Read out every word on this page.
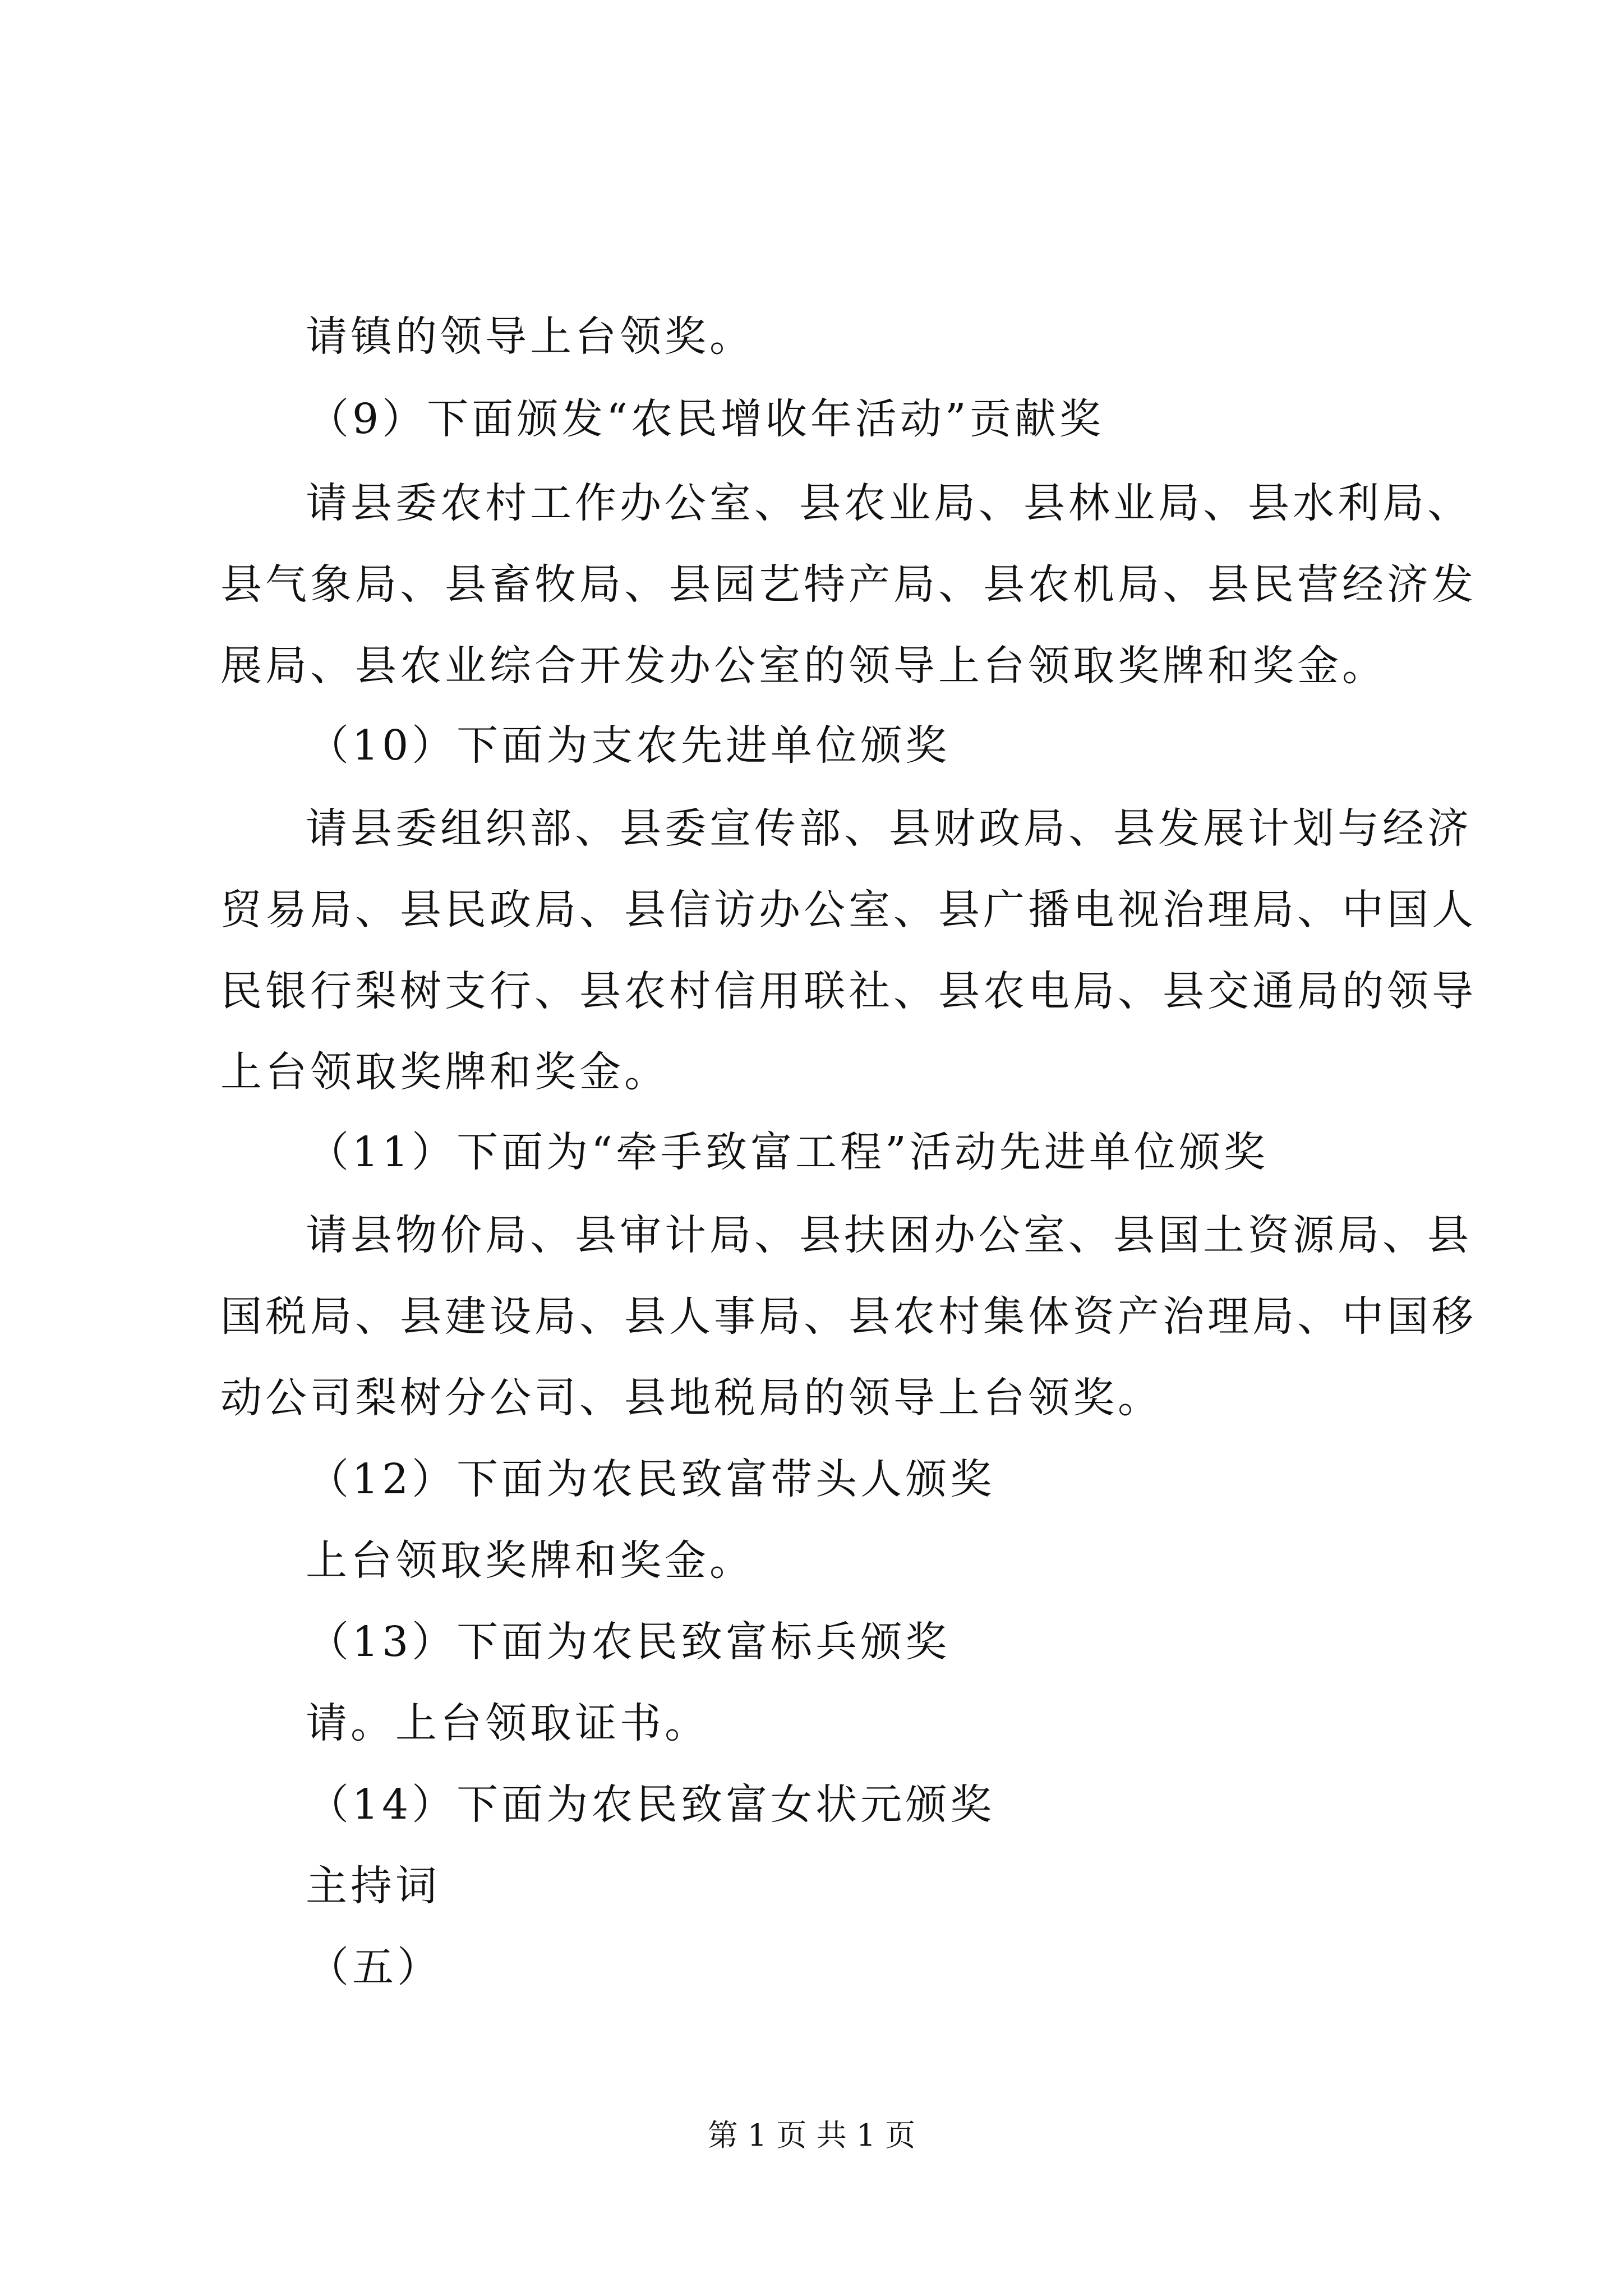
请镇的领导上台领奖。
（9）下面颁发“农民增收年活动”贡献奖
请县委农村工作办公室、县农业局、县林业局、县水利局、
县气象局、县畜牧局、县园艺特产局、县农机局、县民营经济发
展局、县农业综合开发办公室的领导上台领取奖牌和奖金。
（10）下面为支农先进单位颁奖
请县委组织部、县委宣传部、县财政局、县发展计划与经济
贸易局、县民政局、县信访办公室、县广播电视治理局、中国人
民银行梨树支行、县农村信用联社、县农电局、县交通局的领导
上台领取奖牌和奖金。
（11）下面为“牵手致富工程”活动先进单位颁奖
请县物价局、县审计局、县扶困办公室、县国土资源局、县
国税局、县建设局、县人事局、县农村集体资产治理局、中国移
动公司梨树分公司、县地税局的领导上台领奖。
（12）下面为农民致富带头人颁奖
上台领取奖牌和奖金。
（13）下面为农民致富标兵颁奖
请。上台领取证书。
（14）下面为农民致富女状元颁奖
主持词
（五）
第 1 页 共 1 页
